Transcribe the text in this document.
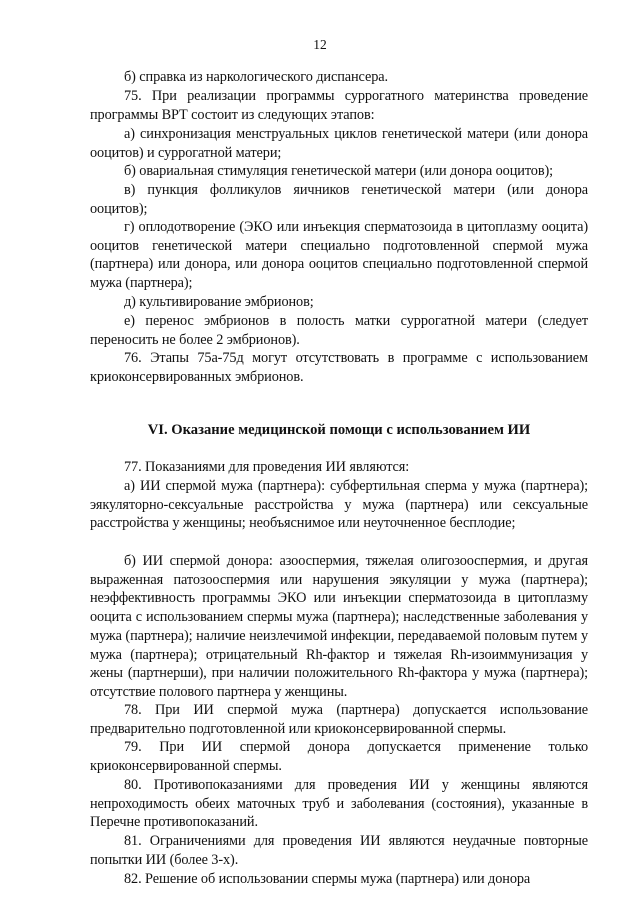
12

б) справка из наркологического диспансера.

75. При реализации программы суррогатного материнства проведение программы ВРТ состоит из следующих этапов:

а) синхронизация менструальных циклов генетической матери (или донора ооцитов) и суррогатной матери;

б) овариальная стимуляция генетической матери (или донора ооцитов);

в) пункция фолликулов яичников генетической матери (или донора ооцитов);

г) оплодотворение (ЭКО или инъекция сперматозоида в цитоплазму ооцита) ооцитов генетической матери специально подготовленной спермой мужа (партнера) или донора, или донора ооцитов специально подготовленной спермой мужа (партнера);

д) культивирование эмбрионов;

е) перенос эмбрионов в полость матки суррогатной матери (следует переносить не более 2 эмбрионов).

76. Этапы 75а-75д могут отсутствовать в программе с использованием криоконсервированных эмбрионов.

VI. Оказание медицинской помощи с использованием ИИ

77. Показаниями для проведения ИИ являются:

а) ИИ спермой мужа (партнера): субфертильная сперма у мужа (партнера); эякуляторно-сексуальные расстройства у мужа (партнера) или сексуальные расстройства у женщины; необъяснимое или неуточненное бесплодие;

б) ИИ спермой донора: азооспермия, тяжелая олигозооспермия, и другая выраженная патозооспермия или нарушения эякуляции у мужа (партнера); неэффективность программы ЭКО или инъекции сперматозоида в цитоплазму ооцита с использованием спермы мужа (партнера); наследственные заболевания у мужа (партнера); наличие неизлечимой инфекции, передаваемой половым путем у мужа (партнера); отрицательный Rh-фактор и тяжелая Rh-изоиммунизация у жены (партнерши), при наличии положительного Rh-фактора у мужа (партнера); отсутствие полового партнера у женщины.

78. При ИИ спермой мужа (партнера) допускается использование предварительно подготовленной или криоконсервированной спермы.

79. При ИИ спермой донора допускается применение только криоконсервированной спермы.

80. Противопоказаниями для проведения ИИ у женщины являются непроходимость обеих маточных труб и заболевания (состояния), указанные в Перечне противопоказаний.

81. Ограничениями для проведения ИИ являются неудачные повторные попытки ИИ (более 3-х).

82. Решение об использовании спермы мужа (партнера) или донора
